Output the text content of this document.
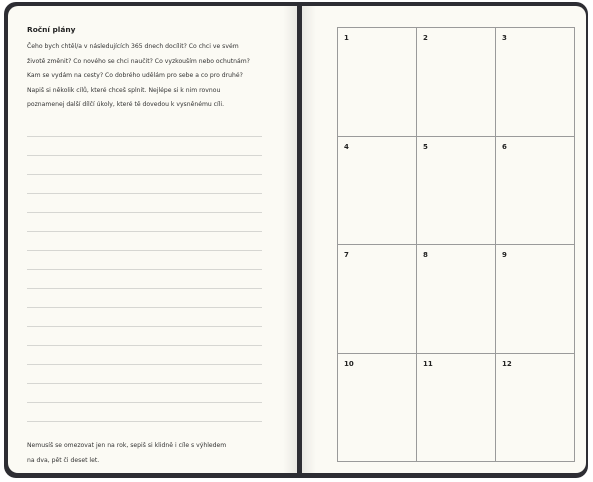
Roční plány
Čeho bych chtěl/a v následujících 365 dnech docílit? Co chci ve svém
životě změnit? Co nového se chci naučit? Co vyzkouším nebo ochutnám?
Kam se vydám na cesty? Co dobrého udělám pro sebe a co pro druhé?
Napiš si několik cílů, které chceš splnit. Nejlépe si k nim rovnou
poznamenej další dílčí úkoly, které tě dovedou k vysněnému cíli.
Nemusíš se omezovat jen na rok, sepiš si klidně i cíle s výhledem
na dva, pět či deset let.
1	2	3
4	5	6
7	8	9
10	11	12
